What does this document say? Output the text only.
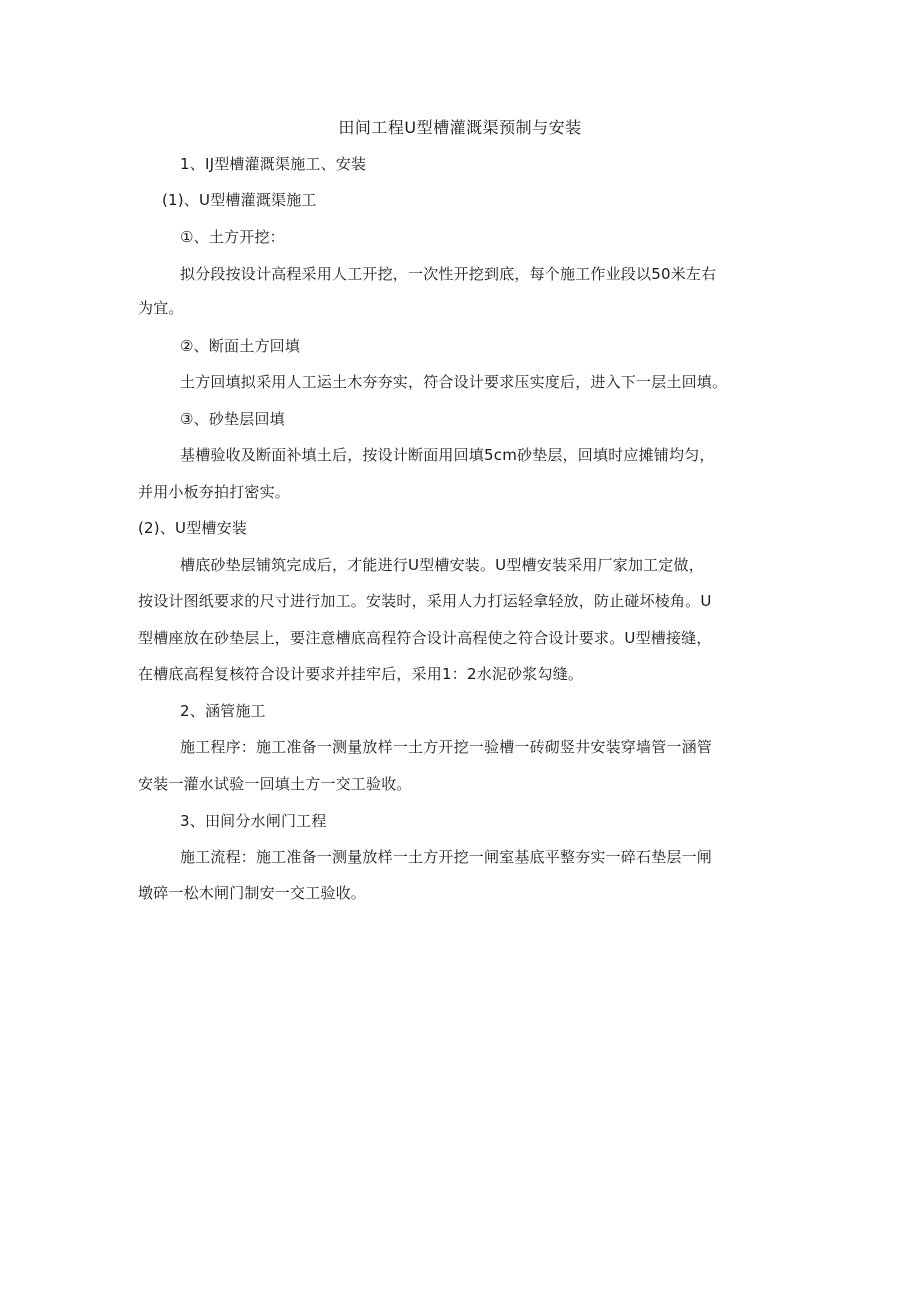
田间工程U型槽灌溉渠预制与安装
1、IJ型槽灌溉渠施工、安装
(1)、U型槽灌溉渠施工
①、土方开挖：
拟分段按设计高程采用人工开挖，一次性开挖到底，每个施工作业段以50米左右
为宜。
②、断面土方回填
土方回填拟采用人工运土木夯夯实，符合设计要求压实度后，进入下一层土回填。
③、砂垫层回填
基槽验收及断面补填土后，按设计断面用回填5cm砂垫层，回填时应摊铺均匀，
并用小板夯拍打密实。
(2)、U型槽安装
槽底砂垫层铺筑完成后，才能进行U型槽安装。U型槽安装采用厂家加工定做，
按设计图纸要求的尺寸进行加工。安装时，采用人力打运轻拿轻放，防止碰坏棱角。U
型槽座放在砂垫层上，要注意槽底高程符合设计高程使之符合设计要求。U型槽接缝，
在槽底高程复核符合设计要求并挂牢后，采用1：2水泥砂浆勾缝。
2、涵管施工
施工程序：施工准备一测量放样一土方开挖一验槽一砖砌竖井安装穿墙管一涵管
安装一灌水试验一回填土方一交工验收。
3、田间分水闸门工程
施工流程：施工准备一测量放样一土方开挖一闸室基底平整夯实一碎石垫层一闸
墩碎一松木闸门制安一交工验收。
